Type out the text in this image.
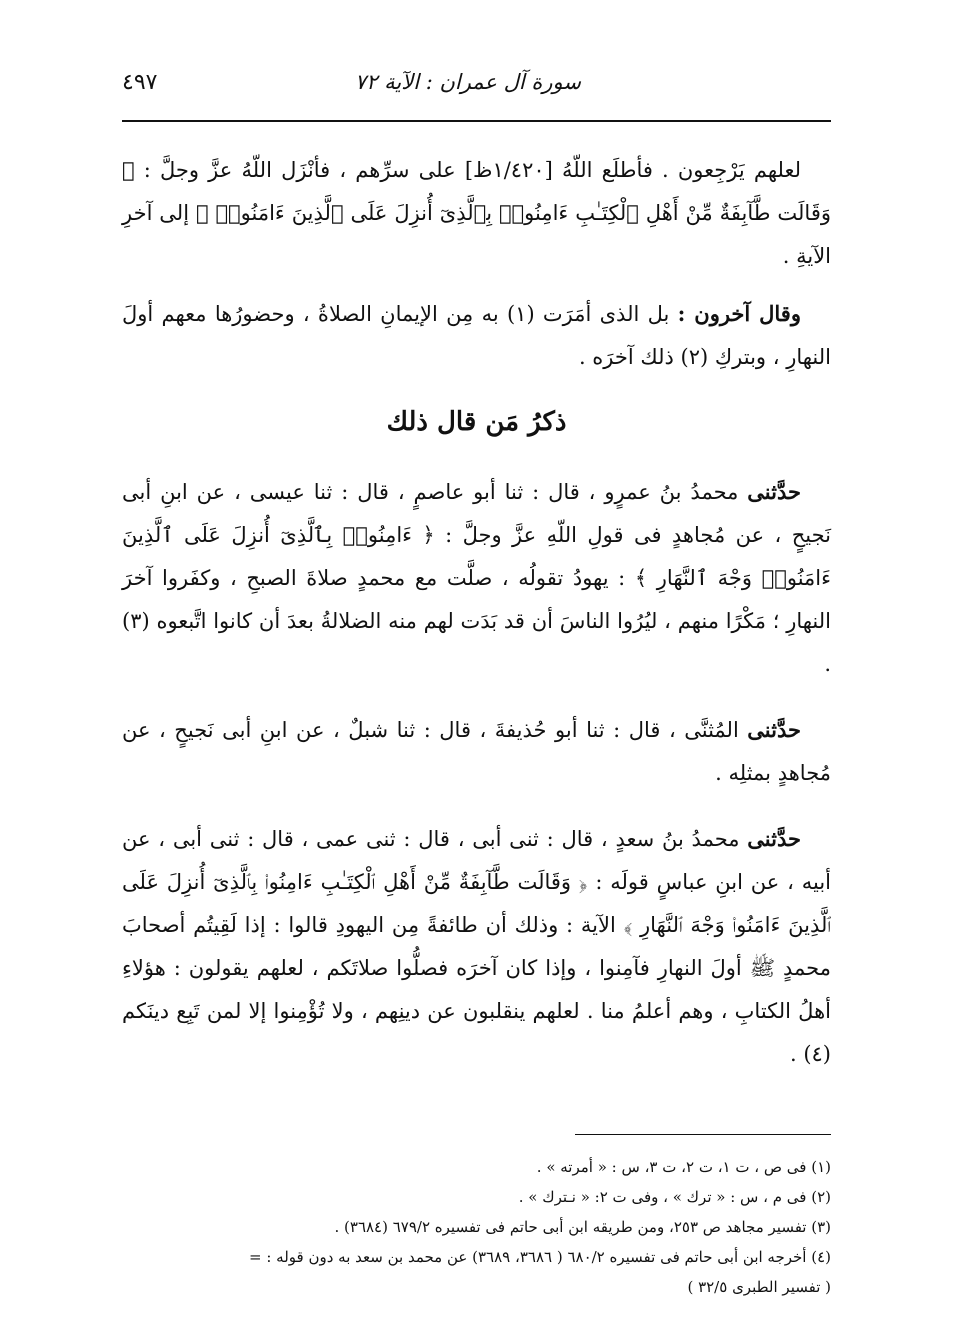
٤٩٧	سورة آل عمران : الآية ٧٢

لعلهم يَرْجِعون . فأطلَع اللّهُ [١/٤٢٠ظ] على سرِّهم ، فأنْزَل اللّهُ عزَّ وجلَّ : ﴿ وَقَالَت طَّآبِفَةٌ مِّنْ أَهْلِ ٱلْكِتَـٰبِ ءَامِنُوا۟ بِٱلَّذِىٓ أُنزِلَ عَلَى ٱلَّذِينَ ءَامَنُوا۟ ﴾ إلى آخرِ الآيةِ .

وقال آخرون : بل الذى أمَرَت (١) به مِن الإيمانِ الصلاةُ ، وحضورُها معهم أولَ النهارِ ، وبتركِ (٢) ذلك آخرَه .

ذكرُ مَن قال ذلك

حدَّثنى محمدُ بنُ عمرٍو ، قال : ثنا أبو عاصمٍ ، قال : ثنا عيسى ، عن ابنِ أبى نَجيحٍ ، عن مُجاهدٍ فى قولِ اللّهِ عزَّ وجلَّ : ﴿ ءَامِنُوا۟ بِٱلَّذِىٓ أُنزِلَ عَلَى ٱلَّذِينَ ءَامَنُوا۟ وَجْهَ ٱلنَّهَارِ ﴾ : يهودُ تقولُه ، صلَّت مع محمدٍ صلاةَ الصبحِ ، وكفَروا آخرَ النهارِ ؛ مَكْرًا منهم ، ليُرُوا الناسَ أن قد بَدَت لهم منه الضلالةُ بعدَ أن كانوا اتَّبعوه (٣) .

حدَّثنى المُثنَّى ، قال : ثنا أبو حُذيفةَ ، قال : ثنا شبلٌ ، عن ابنِ أبى نَجيحٍ ، عن مُجاهدٍ بمثلِه .

حدَّثنى محمدُ بنُ سعدٍ ، قال : ثنى أبى ، قال : ثنى عمى ، قال : ثنى أبى ، عن أبيه ، عن ابنِ عباسٍ قولَه : ﴿ وَقَالَت طَّآبِفَةٌ مِّنْ أَهْلِ ٱلْكِتَـٰبِ ءَامِنُوا۟ بِٱلَّذِىٓ أُنزِلَ عَلَى ٱلَّذِينَ ءَامَنُوا۟ وَجْهَ ٱلنَّهَارِ ﴾ الآية : وذلك أن طائفةً مِن اليهودِ قالوا : إذا لَقِيتُم أصحابَ محمدٍ ﷺ أولَ النهارِ فآمِنوا ، وإذا كان آخرَه فصلُّوا صلاتَكم ، لعلهم يقولون : هؤلاءِ أهلُ الكتابِ ، وهم أعلمُ منا . لعلهم ينقلبون عن دينِهم ، ولا تُؤْمِنوا إلا لمن تَبِع دينَكم (٤) .

(١) فى ص ، ت ١، ت ٢، ت ٣، س : « أمرته » .

(٢) فى م ، س : « ترك » ، وفى ت ٢: « نـترك » .

(٣) تفسير مجاهد ص ٢٥٣، ومن طريقه ابن أبى حاتم فى تفسيره ٦٧٩/٢ (٣٦٨٤) .

(٤) أخرجه ابن أبى حاتم فى تفسيره ٦٨٠/٢ ( ٣٦٨٦، ٣٦٨٩) عن محمد بن سعد به دون قوله : =

( تفسير الطبرى ٣٢/٥ )
